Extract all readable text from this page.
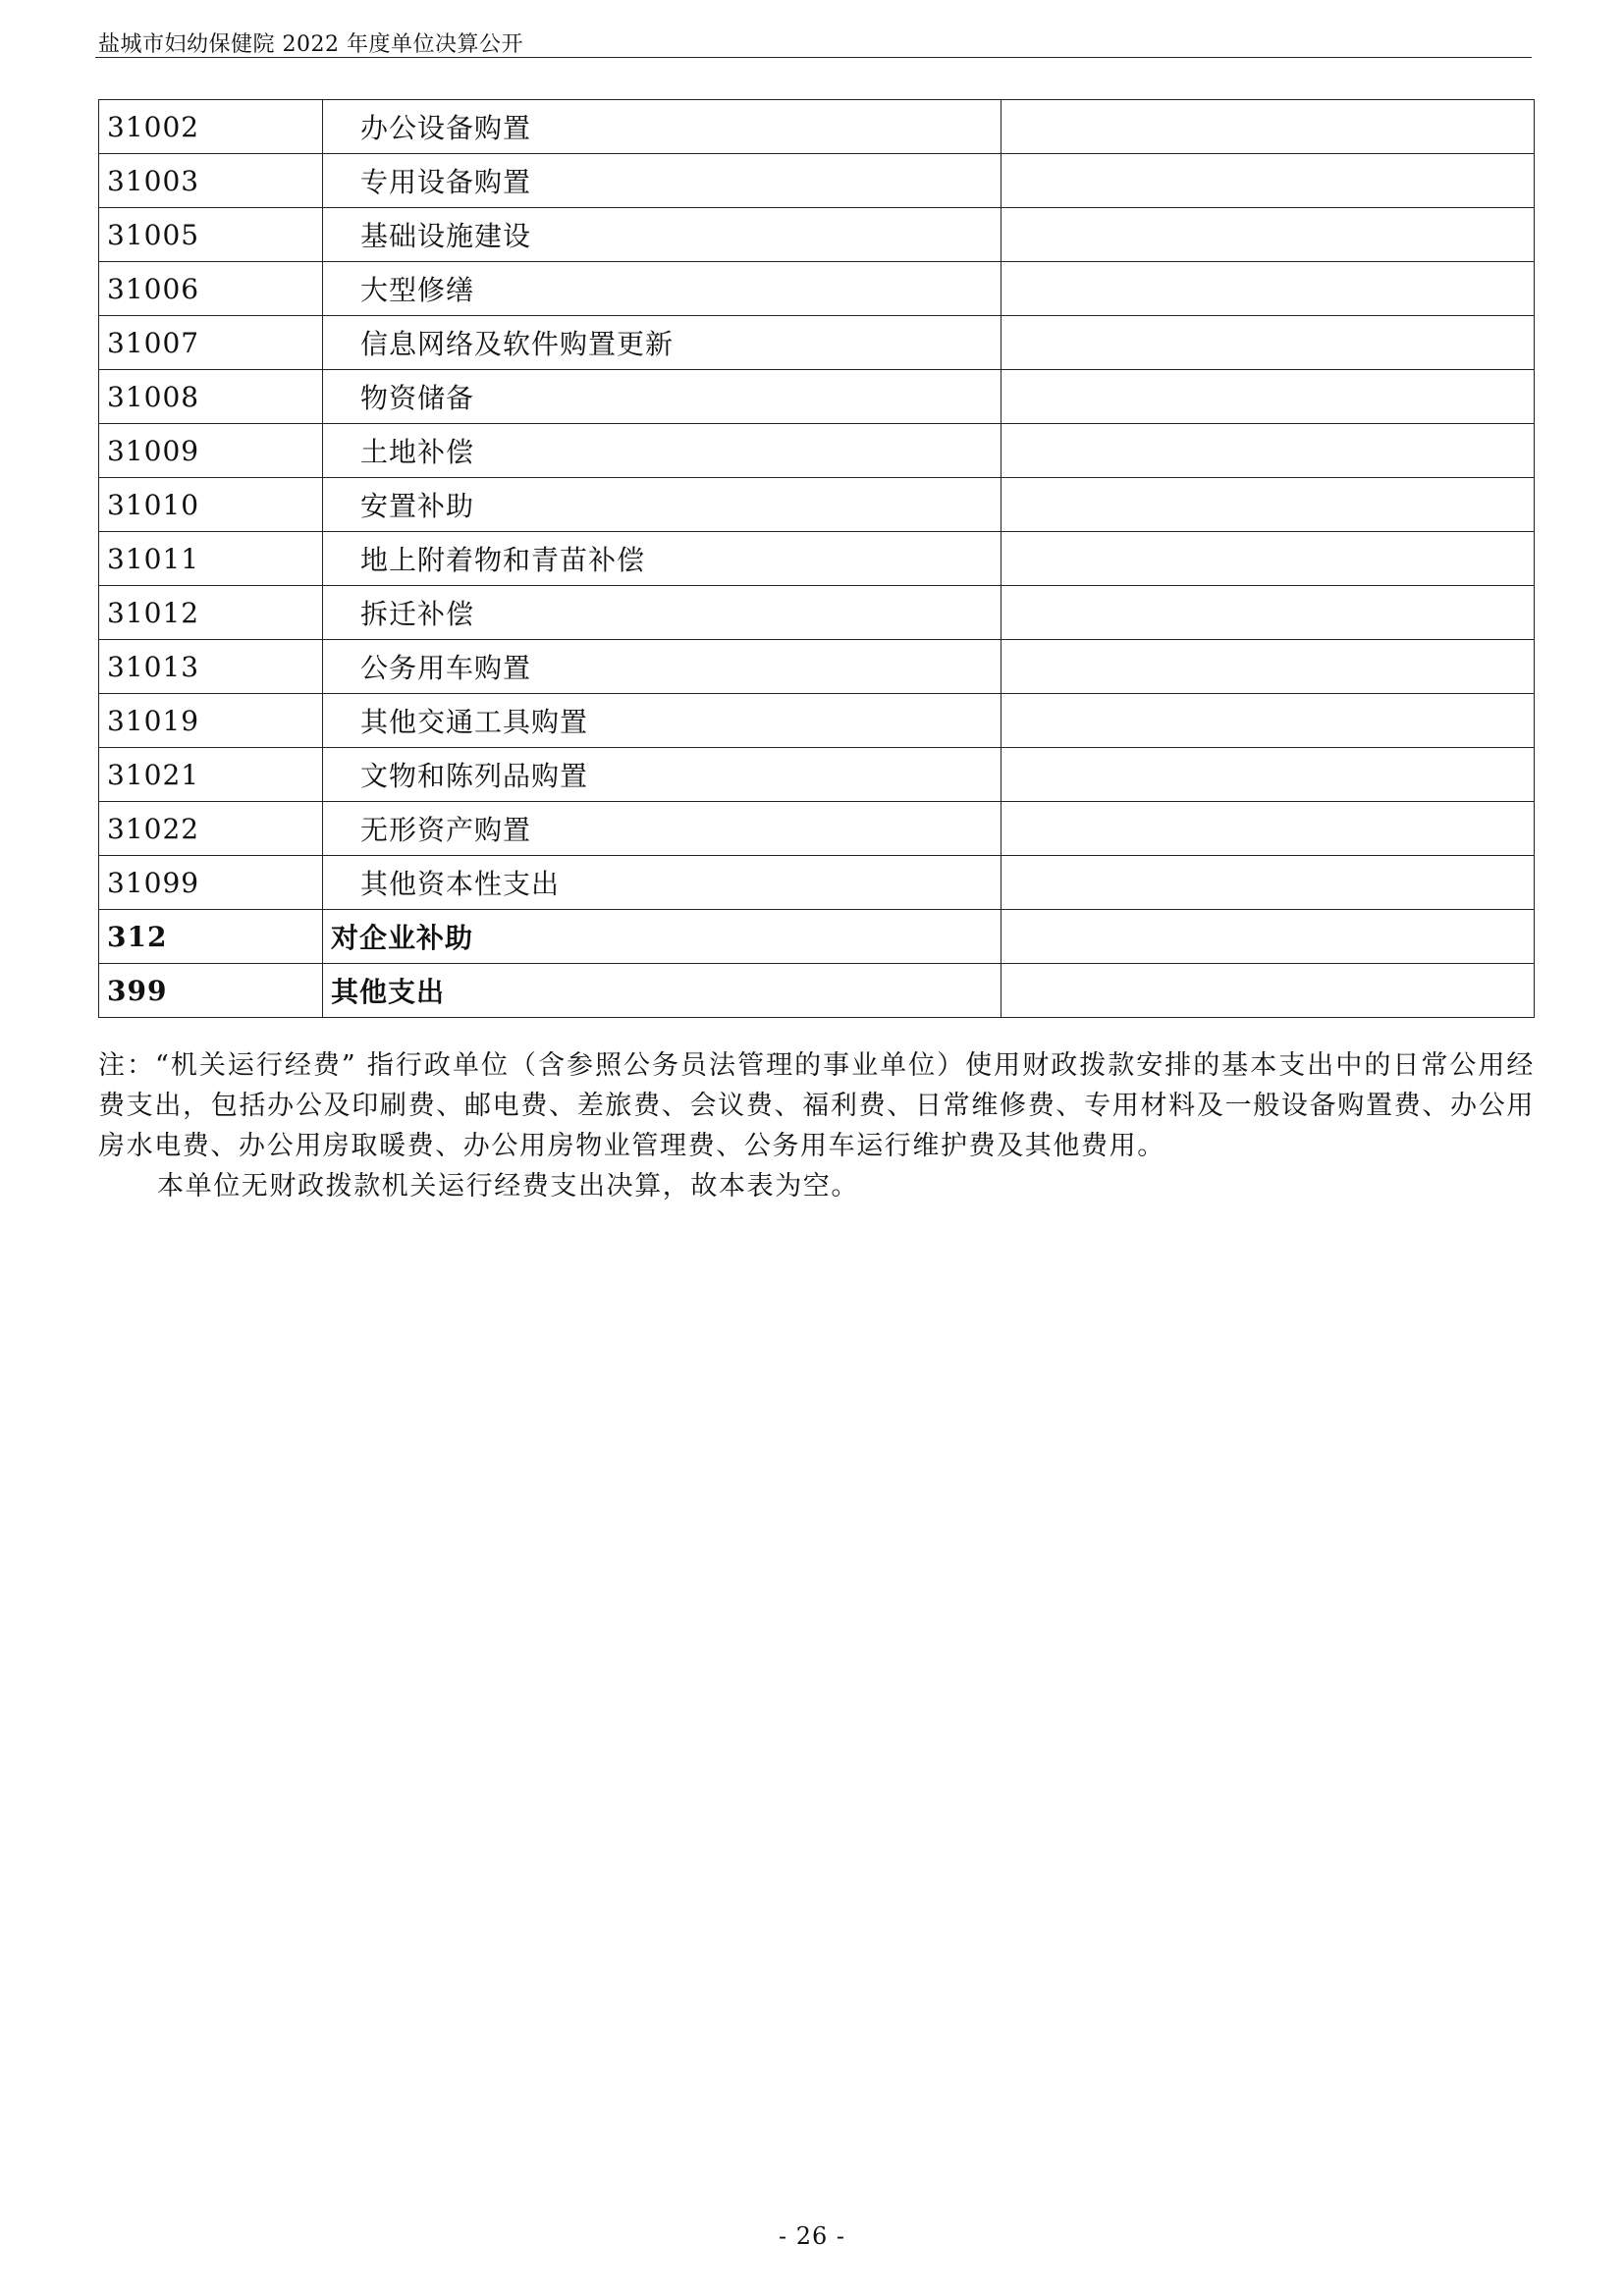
盐城市妇幼保健院 2022 年度单位决算公开
31002	办公设备购置	
31003	专用设备购置	
31005	基础设施建设	
31006	大型修缮	
31007	信息网络及软件购置更新	
31008	物资储备	
31009	土地补偿	
31010	安置补助	
31011	地上附着物和青苗补偿	
31012	拆迁补偿	
31013	公务用车购置	
31019	其他交通工具购置	
31021	文物和陈列品购置	
31022	无形资产购置	
31099	其他资本性支出	
312	对企业补助	
399	其他支出	

注：“机关运行经费” 指行政单位（含参照公务员法管理的事业单位）使用财政拨款安排的基本支出中的日常公用经费支出，包括办公及印刷费、邮电费、差旅费、会议费、福利费、日常维修费、专用材料及一般设备购置费、办公用房水电费、办公用房取暖费、办公用房物业管理费、公务用车运行维护费及其他费用。

本单位无财政拨款机关运行经费支出决算，故本表为空。

- 26 -
